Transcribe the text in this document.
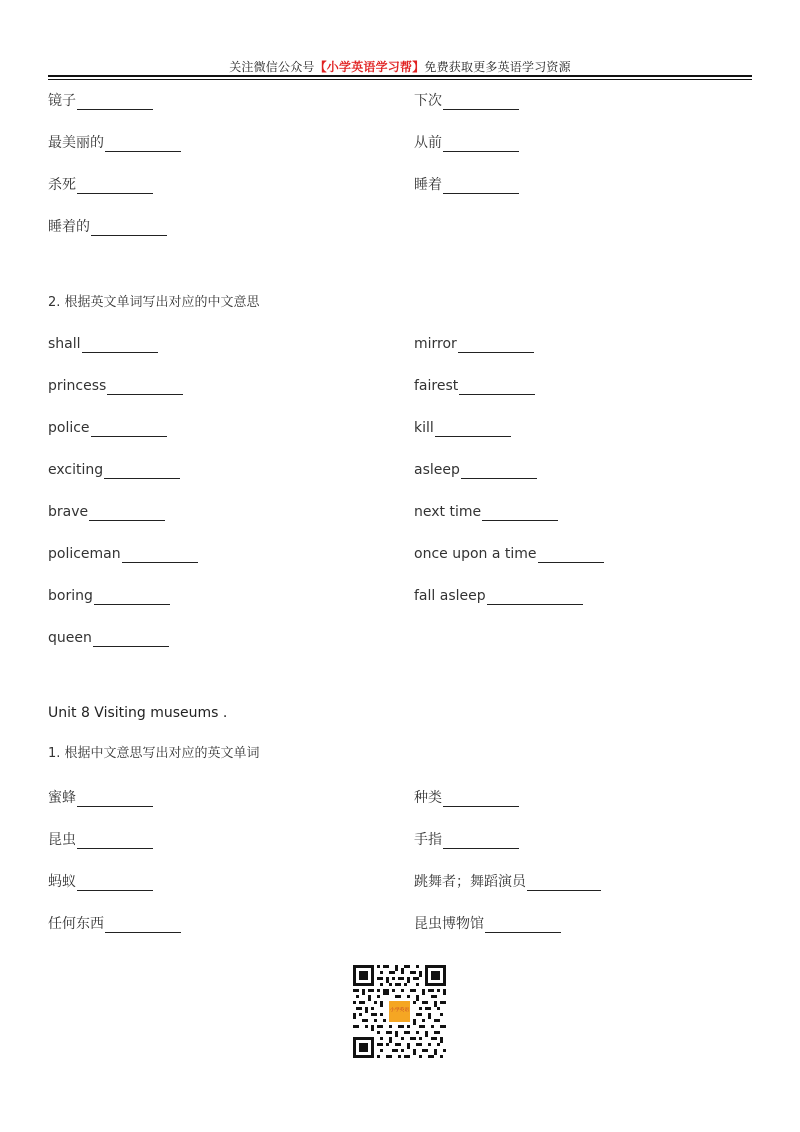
关注微信公众号【小学英语学习帮】免费获取更多英语学习资源
镜子	下次
最美丽的	从前
杀死	睡着
睡着的
2. 根据英文单词写出对应的中文意思
shall	mirror
princess	fairest
police	kill
exciting	asleep
brave	next time
policeman	once upon a time
boring	fall asleep
queen
Unit 8 Visiting museums .
1. 根据中文意思写出对应的英文单词
蜜蜂	种类
昆虫	手指
蚂蚁	跳舞者；舞蹈演员
任何东西	昆虫博物馆
小学英语
